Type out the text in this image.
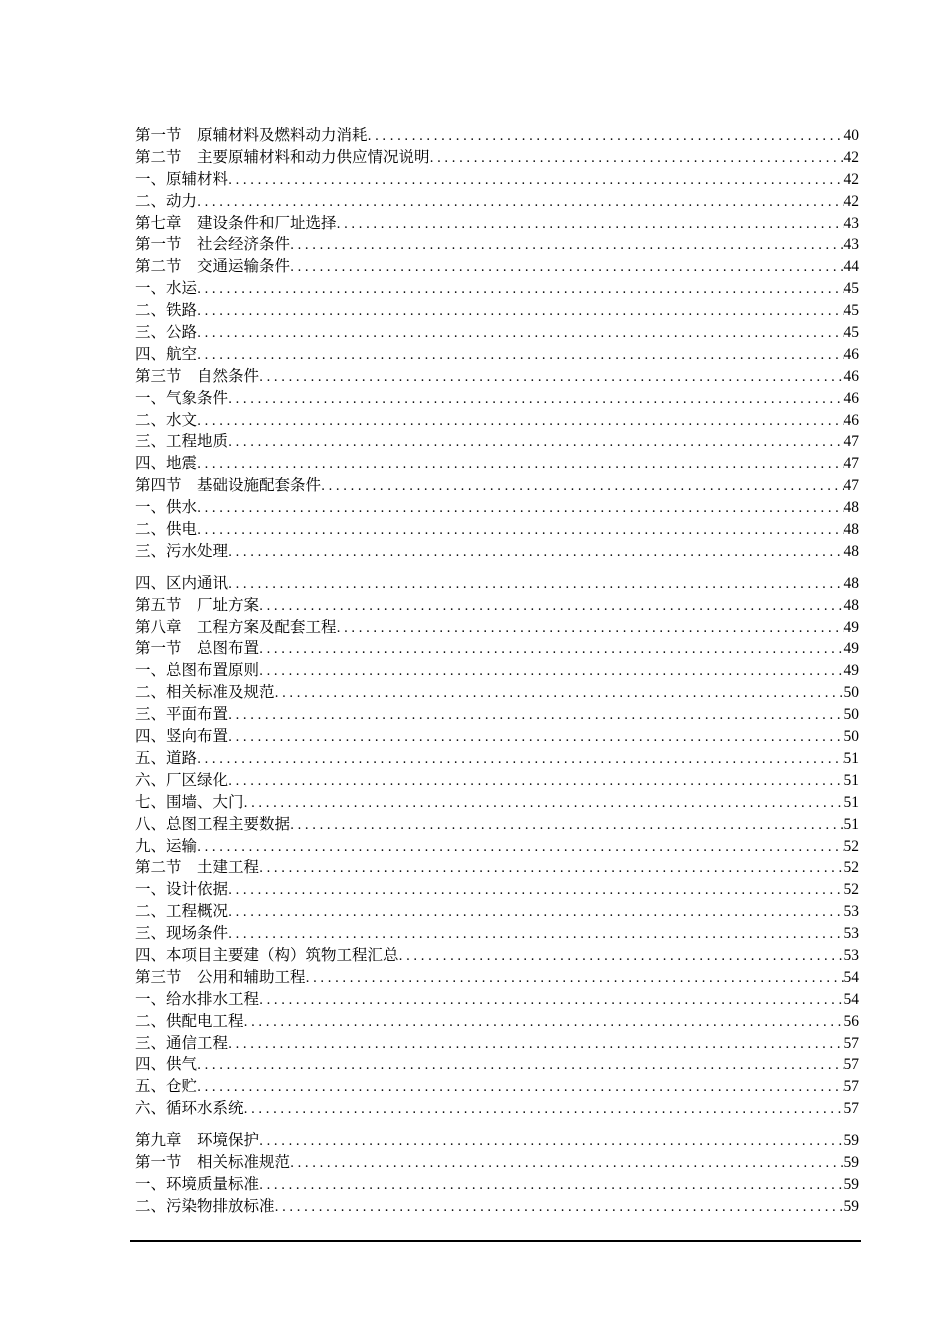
第一节　原辅材料及燃料动力消耗 .....	40
第二节　主要原辅材料和动力供应情况说明 .....	42
一、原辅材料 .....	42
二、动力 .....	42
第七章　建设条件和厂址选择 .....	43
第一节　社会经济条件 .....	43
第二节　交通运输条件 .....	44
一、水运 .....	45
二、铁路 .....	45
三、公路 .....	45
四、航空 .....	46
第三节　自然条件 .....	46
一、气象条件 .....	46
二、水文 .....	46
三、工程地质 .....	47
四、地震 .....	47
第四节　基础设施配套条件 .....	47
一、供水 .....	48
二、供电 .....	48
三、污水处理 .....	48
四、区内通讯 .....	48
第五节　厂址方案 .....	48
第八章　工程方案及配套工程 .....	49
第一节　总图布置 .....	49
一、总图布置原则 .....	49
二、相关标准及规范 .....	50
三、平面布置 .....	50
四、竖向布置 .....	50
五、道路 .....	51
六、厂区绿化 .....	51
七、围墙、大门 .....	51
八、总图工程主要数据 .....	51
九、运输 .....	52
第二节　土建工程 .....	52
一、设计依据 .....	52
二、工程概况 .....	53
三、现场条件 .....	53
四、本项目主要建（构）筑物工程汇总 .....	53
第三节　公用和辅助工程 .....	54
一、给水排水工程 .....	54
二、供配电工程 .....	56
三、通信工程 .....	57
四、供气 .....	57
五、仓贮 .....	57
六、循环水系统 .....	57
第九章　环境保护 .....	59
第一节　相关标准规范 .....	59
一、环境质量标准 .....	59
二、污染物排放标准 .....	59
